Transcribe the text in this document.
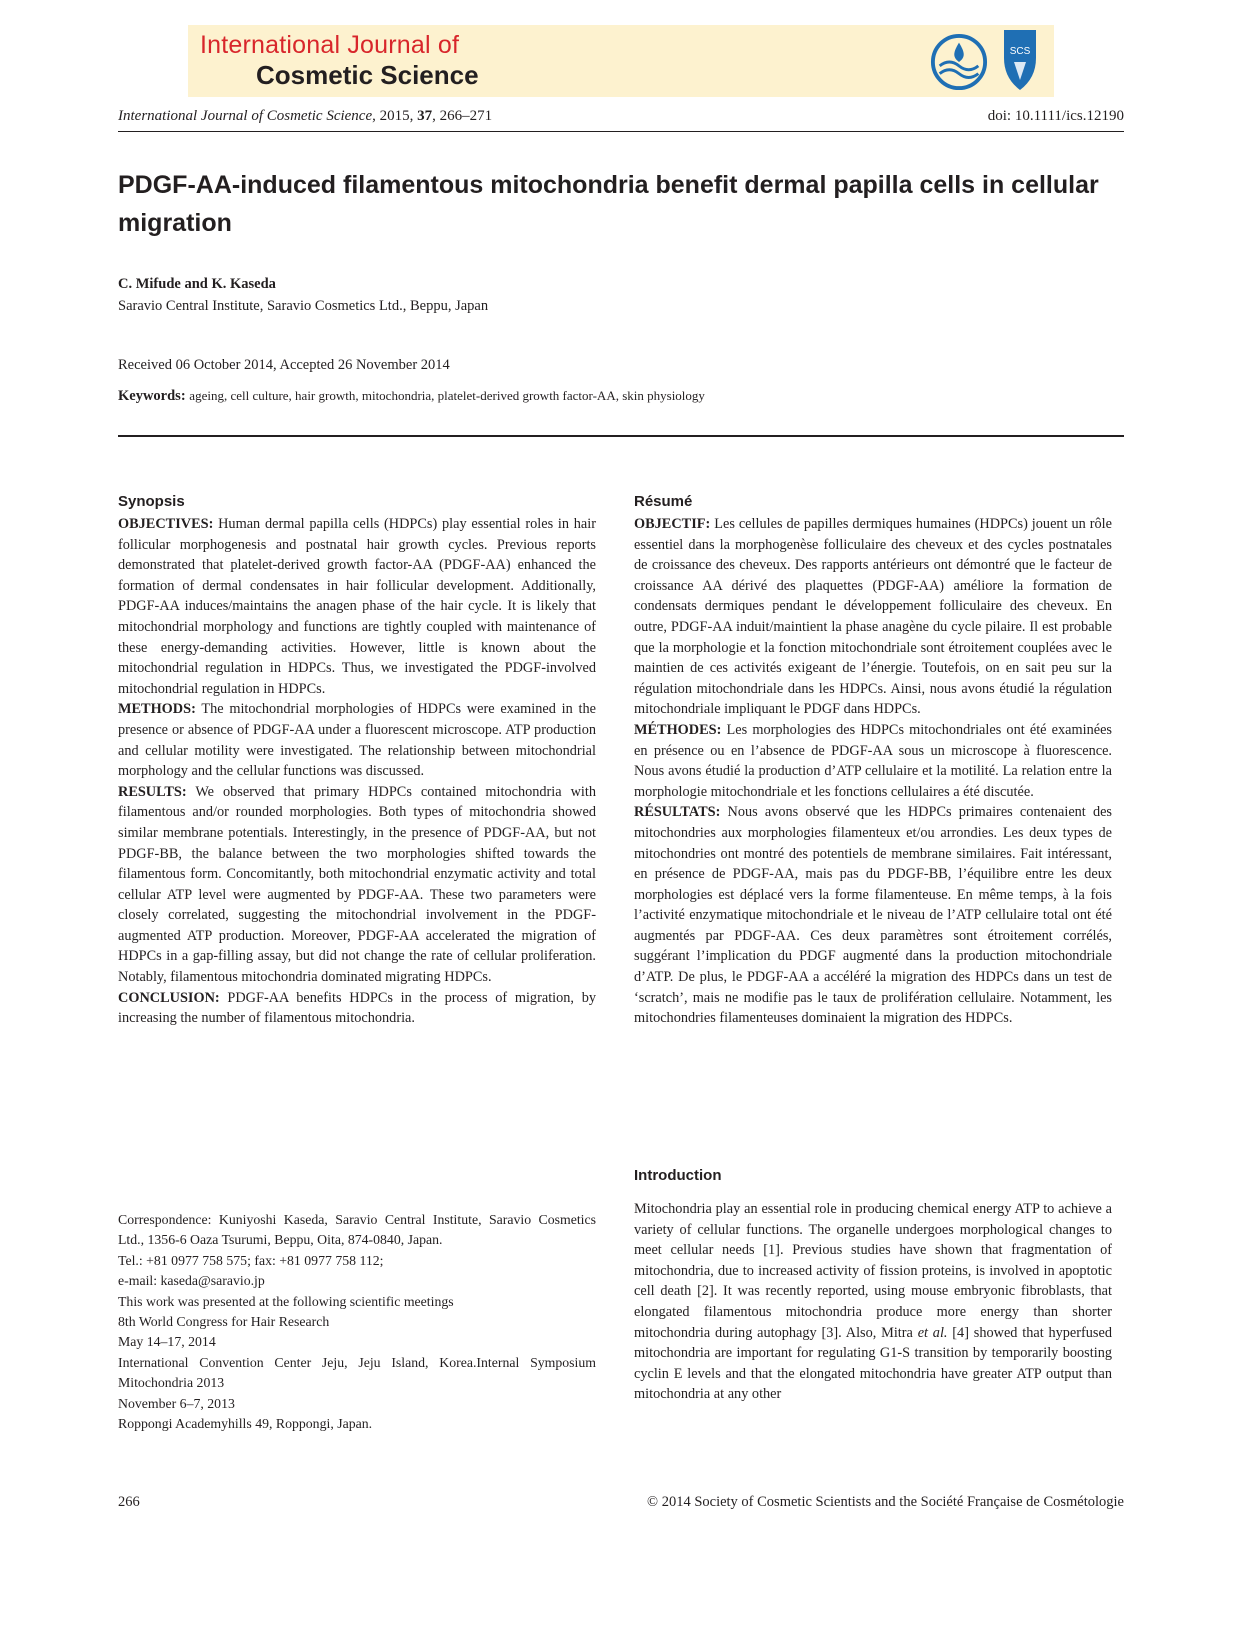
International Journal of
Cosmetic Science
SCS
International Journal of Cosmetic Science, 2015, 37, 266–271	doi: 10.1111/ics.12190
PDGF-AA-induced filamentous mitochondria benefit dermal papilla cells in cellular migration
C. Mifude and K. Kaseda
Saravio Central Institute, Saravio Cosmetics Ltd., Beppu, Japan
Received 06 October 2014, Accepted 26 November 2014
Keywords: ageing, cell culture, hair growth, mitochondria, platelet-derived growth factor-AA, skin physiology
Synopsis

OBJECTIVES: Human dermal papilla cells (HDPCs) play essential roles in hair follicular morphogenesis and postnatal hair growth cycles. Previous reports demonstrated that platelet-derived growth factor-AA (PDGF-AA) enhanced the formation of dermal condensates in hair follicular development. Additionally, PDGF-AA induces/maintains the anagen phase of the hair cycle. It is likely that mitochondrial morphology and functions are tightly coupled with maintenance of these energy-demanding activities. However, little is known about the mitochondrial regulation in HDPCs. Thus, we investigated the PDGF-involved mitochondrial regulation in HDPCs.

METHODS: The mitochondrial morphologies of HDPCs were examined in the presence or absence of PDGF-AA under a fluorescent microscope. ATP production and cellular motility were investigated. The relationship between mitochondrial morphology and the cellular functions was discussed.

RESULTS: We observed that primary HDPCs contained mitochondria with filamentous and/or rounded morphologies. Both types of mitochondria showed similar membrane potentials. Interestingly, in the presence of PDGF-AA, but not PDGF-BB, the balance between the two morphologies shifted towards the filamentous form. Concomitantly, both mitochondrial enzymatic activity and total cellular ATP level were augmented by PDGF-AA. These two parameters were closely correlated, suggesting the mitochondrial involvement in the PDGF-augmented ATP production. Moreover, PDGF-AA accelerated the migration of HDPCs in a gap-filling assay, but did not change the rate of cellular proliferation. Notably, filamentous mitochondria dominated migrating HDPCs.

CONCLUSION: PDGF-AA benefits HDPCs in the process of migration, by increasing the number of filamentous mitochondria.

Résumé

OBJECTIF: Les cellules de papilles dermiques humaines (HDPCs) jouent un rôle essentiel dans la morphogenèse folliculaire des cheveux et des cycles postnatales de croissance des cheveux. Des rapports antérieurs ont démontré que le facteur de croissance AA dérivé des plaquettes (PDGF-AA) améliore la formation de condensats dermiques pendant le développement folliculaire des cheveux. En outre, PDGF-AA induit/maintient la phase anagène du cycle pilaire. Il est probable que la morphologie et la fonction mitochondriale sont étroitement couplées avec le maintien de ces activités exigeant de l’énergie. Toutefois, on en sait peu sur la régulation mitochondriale dans les HDPCs. Ainsi, nous avons étudié la régulation mitochondriale impliquant le PDGF dans HDPCs.

MÉTHODES: Les morphologies des HDPCs mitochondriales ont été examinées en présence ou en l’absence de PDGF-AA sous un microscope à fluorescence. Nous avons étudié la production d’ATP cellulaire et la motilité. La relation entre la morphologie mitochondriale et les fonctions cellulaires a été discutée.

RÉSULTATS: Nous avons observé que les HDPCs primaires contenaient des mitochondries aux morphologies filamenteux et/ou arrondies. Les deux types de mitochondries ont montré des potentiels de membrane similaires. Fait intéressant, en présence de PDGF-AA, mais pas du PDGF-BB, l’équilibre entre les deux morphologies est déplacé vers la forme filamenteuse. En même temps, à la fois l’activité enzymatique mitochondriale et le niveau de l’ATP cellulaire total ont été augmentés par PDGF-AA. Ces deux paramètres sont étroitement corrélés, suggérant l’implication du PDGF augmenté dans la production mitochondriale d’ATP. De plus, le PDGF-AA a accéléré la migration des HDPCs dans un test de ‘scratch’, mais ne modifie pas le taux de prolifération cellulaire. Notamment, les mitochondries filamenteuses dominaient la migration des HDPCs.

Correspondence: Kuniyoshi Kaseda, Saravio Central Institute, Saravio Cosmetics Ltd., 1356-6 Oaza Tsurumi, Beppu, Oita, 874-0840, Japan.

Tel.: +81 0977 758 575; fax: +81 0977 758 112;

e-mail: kaseda@saravio.jp

This work was presented at the following scientific meetings

8th World Congress for Hair Research

May 14–17, 2014

International Convention Center Jeju, Jeju Island, Korea.Internal Symposium Mitochondria 2013

November 6–7, 2013

Roppongi Academyhills 49, Roppongi, Japan.

Introduction

Mitochondria play an essential role in producing chemical energy ATP to achieve a variety of cellular functions. The organelle undergoes morphological changes to meet cellular needs [1]. Previous studies have shown that fragmentation of mitochondria, due to increased activity of fission proteins, is involved in apoptotic cell death [2]. It was recently reported, using mouse embryonic fibroblasts, that elongated filamentous mitochondria produce more energy than shorter mitochondria during autophagy [3]. Also, Mitra et al. [4] showed that hyperfused mitochondria are important for regulating G1-S transition by temporarily boosting cyclin E levels and that the elongated mitochondria have greater ATP output than mitochondria at any other

266	© 2014 Society of Cosmetic Scientists and the Société Française de Cosmétologie
